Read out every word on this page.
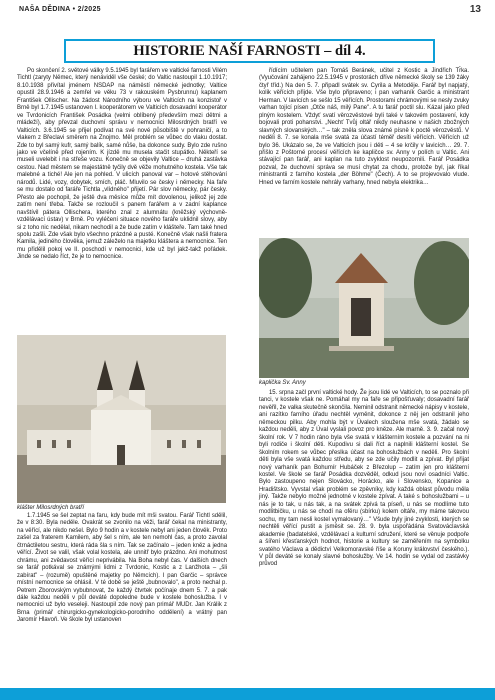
NAŠA DĚDINA • 2/2025	13
HISTORIE NAŠÍ FARNOSTI – díl 4.

Po skončení 2. světové války 9.5.1945 byl farářem ve valtické farnosti Vilém Tichtl (zaryty Němec, který nenáviděl vše české; do Valtic nastoupil 1.10.1917; 8.10.1938 přivítal jménem NSDAP na náměstí německé jednotky; Valtice opustil 28.9.1946 a zemřel ve věku 73 v rakouském Pysbrunnu) kaplanem František Ollischer. Na žádost Národního výboru ve Valticích na konzistoř v Brně byl 1.7.1945 ustanoven I. kooperátorem ve Valticích dosavadní kooperátor ve Tvrdonicích František Posádka (velmi oblíbený především mezi dětmi a mládeží), aby převzal duchovní správu v nemocnici Milosrdných bratří ve Valticích. 3.6.1945 se přijel podívat na své nové působiště v pohraničí, a to vlakem z Břeclavi směrem na Znojmo. Měl problém se vůbec do vlaku dostat. Zde to byl samý kufr, samý balík, samé nůše, ba dokonce sudy. Bylo zde rušno jako ve včelíně před rojením. K jízdě mu musela stačit stupátko. Někteří se museli uvelebit i na střeše vozu. Konečně se objevily Valtice – druhá zastávka cestou. Nad městem se majestátně tyčily dvě věže mohutného kostela. Vše tak malebné a tiché! Ale jen na pohled. V ulicích panoval var – hotové stěhování národů. Lidé, vozy, dobytek, smích, pláč. Mluvilo se česky i německy. Na faře se mu dostalo od faráře Tichtla „vlídného" přijetí. Pár slov německy, pár česky. Přesto ale pochopil, že ještě dva měsíce může mít dovolenou, jelikož jej zde zatím není třeba. Takže se rozloučil s panem farářem a v zadní kaplance navštívil pátera Ollischera, kterého znal z alumnátu (kněžský výchovně-vzdělávací ústav) v Brně. Po vyléčení situace nového faráře uklidnil slovy, aby si z toho nic nedělal, nikam nechodil a že bude zatím v klášteře. Tam také hned spolu zašli. Zde však bylo všechno prázdné a pusté. Konečně však našli fratera Kamila, jediného člověka, jemuž záleželo na majetku kláštera a nemocnice. Ten mu přidělil pokoj ve II. poschodí v nemocnici, kde už byl jakž-takž pořádek. Jinde se nedalo říct, že je to nemocnice.

klášter Milosrdných bratří

1.7.1945 se šel zeptat na faru, kdy bude mít mši svatou. Farář Tichtl sdělil, že v 8:30. Byla neděle. Ovakrát se zvonilo na věži, farář čekal na ministranty, na věřící, ale nikdo nešel. Bylo 9 hodin a v kostele nebyl ani jeden člověk. Proto zašel za fraterem Kamilem, aby šel s ním, ale ten nemohl čas, a proto zavolal čtrnáctiletou sestru, která ráda šla s ním. Tak se začínalo – jeden kněz a jedna věřící. Život se valil, však volal kostela, ale unnitř bylo prázdno. Ani mohutnost chrámu, ani zvědavost věřící neprivábila. Na Boha nebyl čas. V dalších dnech se farář potkával se známými lidmi z Tvrdonic, Kostic a z Lanžhota – „šli zabírat" – (rozumě) opuštěné majetky po Němcích). I pan Garčic – správce místní nemocnice se ohlásil. V té době se ještě „bubnovalo", a proto nechal p. Petrem Zborovským vybubnovat, že každý čtvrtek počínaje dnem 5. 7. a pak dále každou neděli v půl deváté dopoledne bude v kostele bohoslužba. I v nemocnici už bylo veseleji. Nastoupil zde nový pan primář MUDr. Jan Králik z Brna (primář chirurgicko-gynekologicko-porodního oddělení) a vrátný pan Jaromír Hlavoň. Ve škole byl ustanoven

řídícím učitelem pan Tomáš Beránek, učitel z Kostic a Jindřich Tr̄ka. (Vyučování zahájeno 22.5.1945 v prostorách dříve německé školy se 139 žáky čtyř tříd.) Na den 5. 7. připadl svátek sv. Cyrila a Metoděje. Farář byl napjatý, kolik věřících přijde. Vše bylo připraveno; i pan varhaník Garčic a ministrant Herman. V lavicích se sešlo 15 věřících. Prostorami chrámovými se nesly zvuky varhan tojící písen „Otče náš, milý Pane". A tu farář poctil slu. Kázal jako před plným kostelem. Vždyť svatí věrozvěstové byli také v takovém postavení, kdy bojovali proti pohanstvi. „Nechť Tvůj oltář nikdy neuhasne v našich zbožných slavných slovanských…" – tak zněla slova známé písně k poctě věrozvěstů. V neděli 8. 7. se konala mše svatá za účastí téměř desíti věřících. Věřících už bylo 36. Ukázalo se, že ve Valticích jsou i děti – 4 se krčily v lavicích… 29. 7. přišlo z Poštorné procesí věřících ke kapličce sv. Anny v polích u Valtic. Ani stávající pan farář, ani kaplan na tuto zvyklost neupozornili. Farář Posádka pozval, že duchovní správa se musí chytat za chodu, protože byl, jak říkal ministrantii z farního kostela „der Böhme" (Čech). A to se projevovalo vlude. Hned ve farním kostele nehrály varhany, hned nebyla elektrika…

kaplička Sv. Anny

15. srpna začl první valtické hody. Že jsou lidé ve Valticích, to se poznalo při tanci, v kostele však ne. Pomáhal my na faře se připošťuvaly; dosavadní farář nevěřil, že valka skutečně skončila. Neminil odstranit německé nápisy v kostele, ani razítko farního úřadu nechtěl vyměnit, dokonce z něj jen odstranil jeho německou pilku. Aby mohla být v Úvalech sloužena mše svatá, žádalo se každou neděli, aby z Úval vyslali povoz pro kněze. Ale marně. 3. 9. začal nový školní rok. V 7 hodin ráno byla vše svatá v klášterním kostele a pozvání na ni byli rodiče i školní děti. Kupodivu si dali říct a naplnili klášterní kostel. Se školním rokem se vůbec přeslka účast na bohoslužbách v neděli. Pro školní děti byla vše svatá každou středu, aby se zde učily modlit a zpívat. Byl přijat nový varhaník pan Bohumír Hubáček z Březolup – zatím jen pro klášterní kostel. Ve škole se farář Posádka dozvěděl, odkud jsou noví osadníci Valtic. Bylo zastoupeno nejen Slovácko, Horácko, ale i Slovensko, Kopanice a Hradištsko. Vyvstal však problém se zpěvníky, kdy každá oblast původu měla jiný. Takže nebylo možné jednotné v kostele zpívat. A také s bohoslužbami – u nás je to tak, u nás tak, a na svátek zpívá ta píseň, u nás se modlíme tuto modlitbičku, u nás se chodí na ofěru (sbírku) kolem oltáře, my máme takovou sochu, my tam nesli kostel vymalovaný…" Všude byly jiné zvyklosti, kterých se nechtěli věřící pustit a jsměsit se. 28. 9. byla uspořádána Svatováclavská akademie (badatelské, vzdělávací a kulturní sdružení, které se věnuje podpoře a šíření křesťanských hodnot, historie a kultury se zaměřením na symbolku svatého Václava a dědictví Velkomoravské říše a Koruny království českého.). V půl deváté se konaly slavné bohoslužby. Ve 14. hodin se vydal od zastávky průvod
